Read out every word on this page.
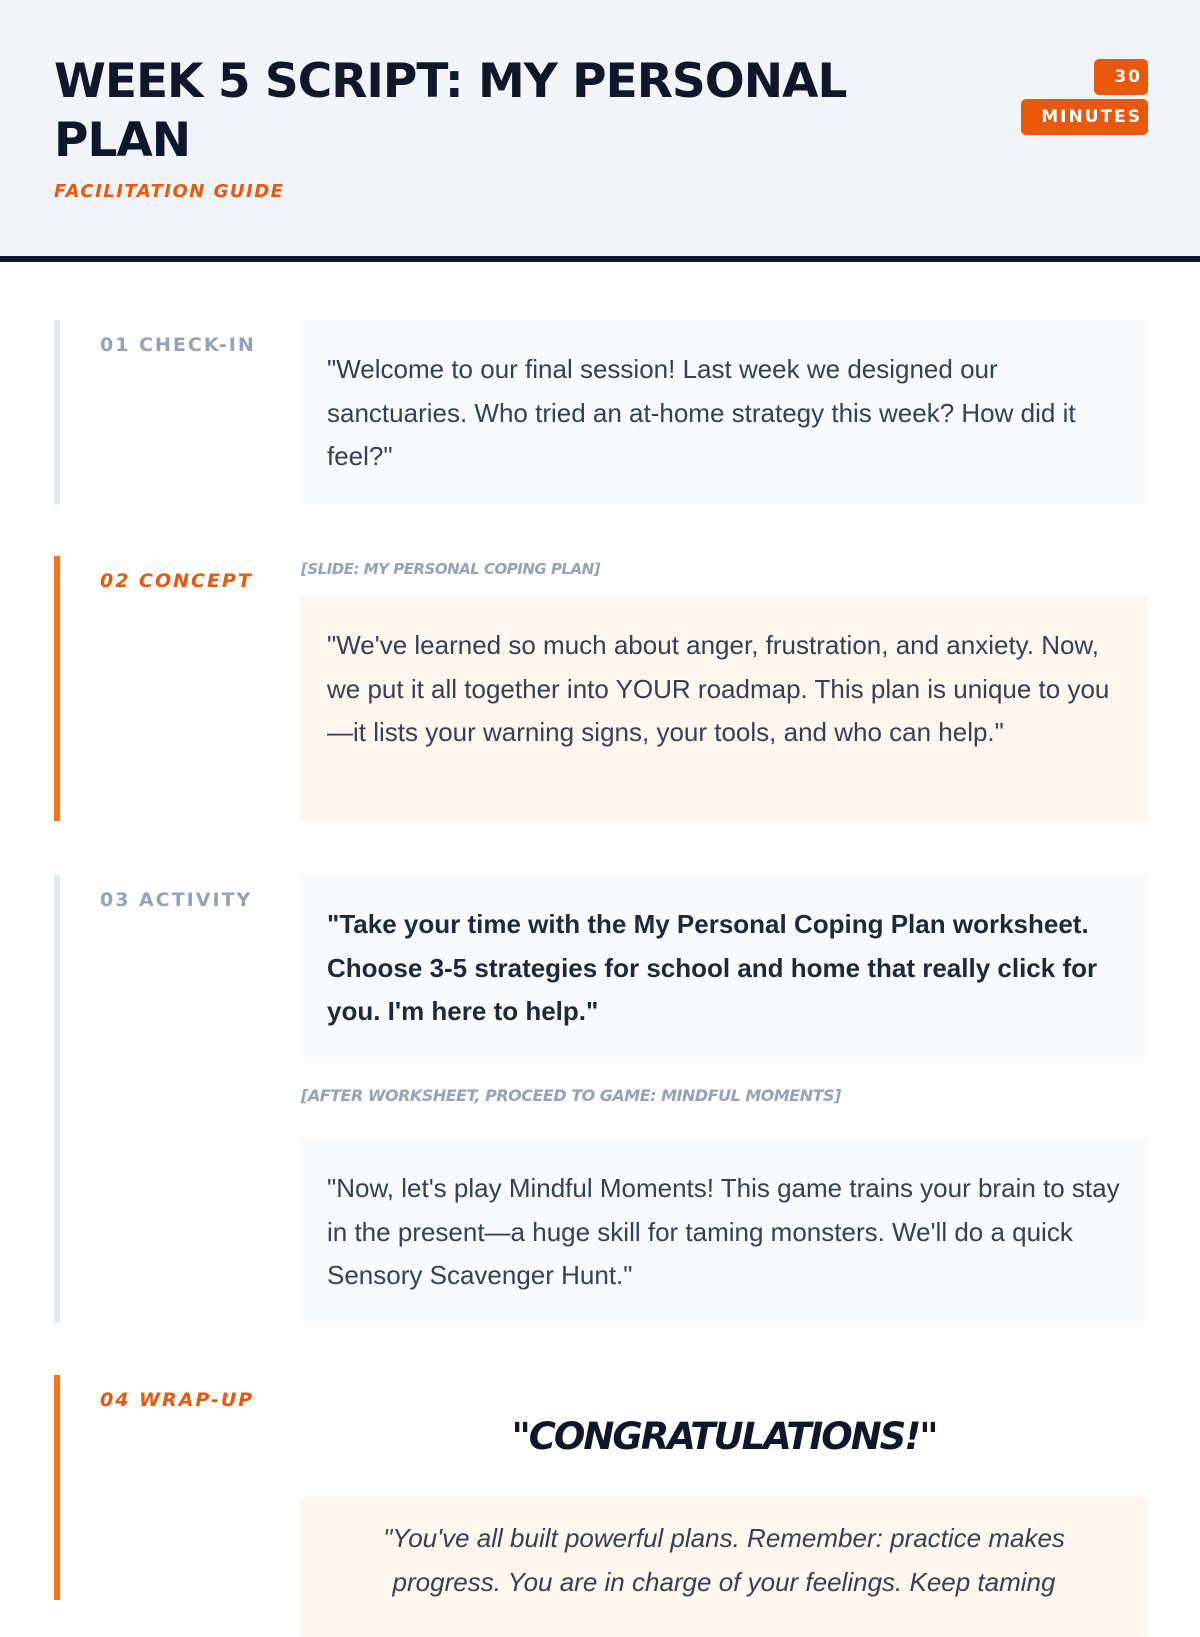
WEEK 5 SCRIPT: MY PERSONAL PLAN
FACILITATION GUIDE
30 MINUTES
01 CHECK-IN
"Welcome to our final session! Last week we designed our sanctuaries. Who tried an at-home strategy this week? How did it feel?"
02 CONCEPT
[SLIDE: MY PERSONAL COPING PLAN]
"We've learned so much about anger, frustration, and anxiety. Now, we put it all together into YOUR roadmap. This plan is unique to you—it lists your warning signs, your tools, and who can help."
03 ACTIVITY
"Take your time with the My Personal Coping Plan worksheet. Choose 3-5 strategies for school and home that really click for you. I'm here to help."
[AFTER WORKSHEET, PROCEED TO GAME: MINDFUL MOMENTS]
"Now, let's play Mindful Moments! This game trains your brain to stay in the present—a huge skill for taming monsters. We'll do a quick Sensory Scavenger Hunt."
04 WRAP-UP
"CONGRATULATIONS!"
"You've all built powerful plans. Remember: practice makes progress. You are in charge of your feelings. Keep taming
